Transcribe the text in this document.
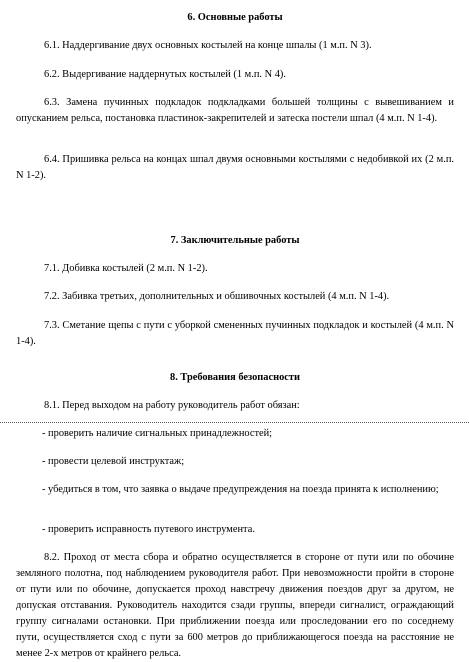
6. Основные работы
6.1. Наддергивание двух основных костылей на конце шпалы (1 м.п. N 3).
6.2. Выдергивание наддернутых костылей (1 м.п. N 4).
6.3. Замена пучинных подкладок подкладками большей толщины с вывешиванием и опусканием рельса, постановка пластинок-закрепителей и затеска постели шпал (4 м.п. N 1-4).
6.4. Пришивка рельса на концах шпал двумя основными костылями с недобивкой их (2 м.п. N 1-2).
7. Заключительные работы
7.1. Добивка костылей (2 м.п. N 1-2).
7.2. Забивка третьих, дополнительных и обшивочных костылей (4 м.п. N 1-4).
7.3. Сметание щепы с пути с уборкой смененных пучинных подкладок и костылей (4 м.п. N 1-4).
8. Требования безопасности
8.1. Перед выходом на работу руководитель работ обязан:
- проверить наличие сигнальных принадлежностей;
- провести целевой инструктаж;
- убедиться в том, что заявка о выдаче предупреждения на поезда принята к исполнению;
- проверить исправность путевого инструмента.
8.2. Проход от места сбора и обратно осуществляется в стороне от пути или по обочине земляного полотна, под наблюдением руководителя работ. При невозможности пройти в стороне от пути или по обочине, допускается проход навстречу движения поездов друг за другом, не допуская отставания. Руководитель находится сзади группы, впереди сигналист, ограждающий группу сигналами остановки. При приближении поезда или проследовании его по соседнему пути, осуществляется сход с пути за 600 метров до приближающегося поезда на расстояние не менее 2-х метров от крайнего рельса.
